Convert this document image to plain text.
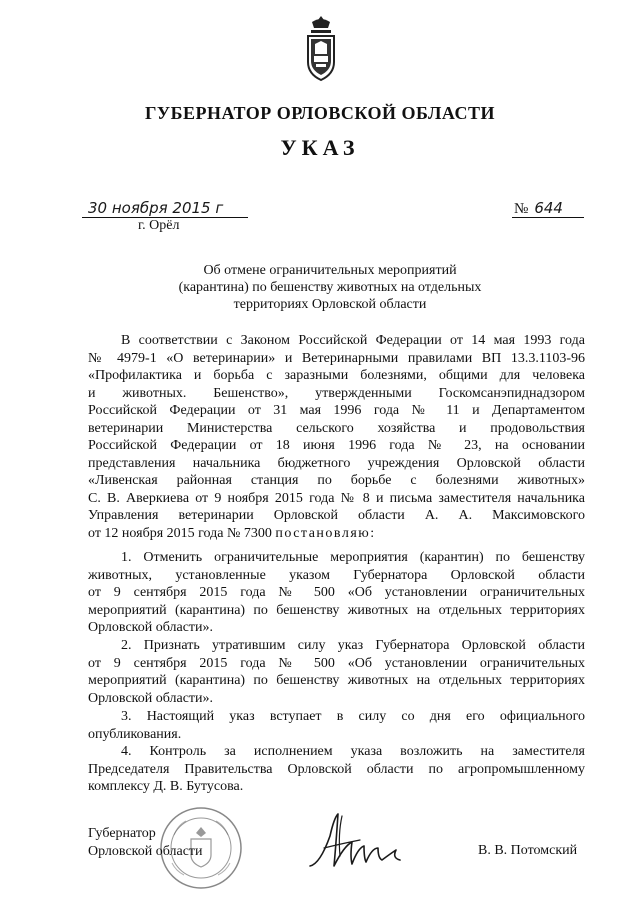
ГУБЕРНАТОР ОРЛОВСКОЙ ОБЛАСТИ
УКАЗ
30 ноября 2015 г
г. Орёл
№ 644
Об отмене ограничительных мероприятий
(карантина) по бешенству животных на отдельных
территориях Орловской области
В соответствии с Законом Российской Федерации от 14 мая 1993 года
№ 4979-1 «О ветеринарии» и Ветеринарными правилами ВП 13.3.1103-96
«Профилактика и борьба с заразными болезнями, общими для человека
и животных. Бешенство», утвержденными Госкомсанэпиднадзором
Российской Федерации от 31 мая 1996 года № 11 и Департаментом
ветеринарии Министерства сельского хозяйства и продовольствия
Российской Федерации от 18 июня 1996 года № 23, на основании
представления начальника бюджетного учреждения Орловской области
«Ливенская районная станция по борьбе с болезнями животных»
С. В. Аверкиева от 9 ноября 2015 года № 8 и письма заместителя начальника
Управления ветеринарии Орловской области А. А. Максимовского
от 12 ноября 2015 года № 7300 постановляю:
1. Отменить ограничительные мероприятия (карантин) по бешенству
животных, установленные указом Губернатора Орловской области
от 9 сентября 2015 года № 500 «Об установлении ограничительных
мероприятий (карантина) по бешенству животных на отдельных территориях
Орловской области».
2. Признать утратившим силу указ Губернатора Орловской области
от 9 сентября 2015 года № 500 «Об установлении ограничительных
мероприятий (карантина) по бешенству животных на отдельных территориях
Орловской области».
3. Настоящий указ вступает в силу со дня его официального
опубликования.
4. Контроль за исполнением указа возложить на заместителя
Председателя Правительства Орловской области по агропромышленному
комплексу Д. В. Бутусова.
Губернатор
Орловской области	В. В. Потомский
